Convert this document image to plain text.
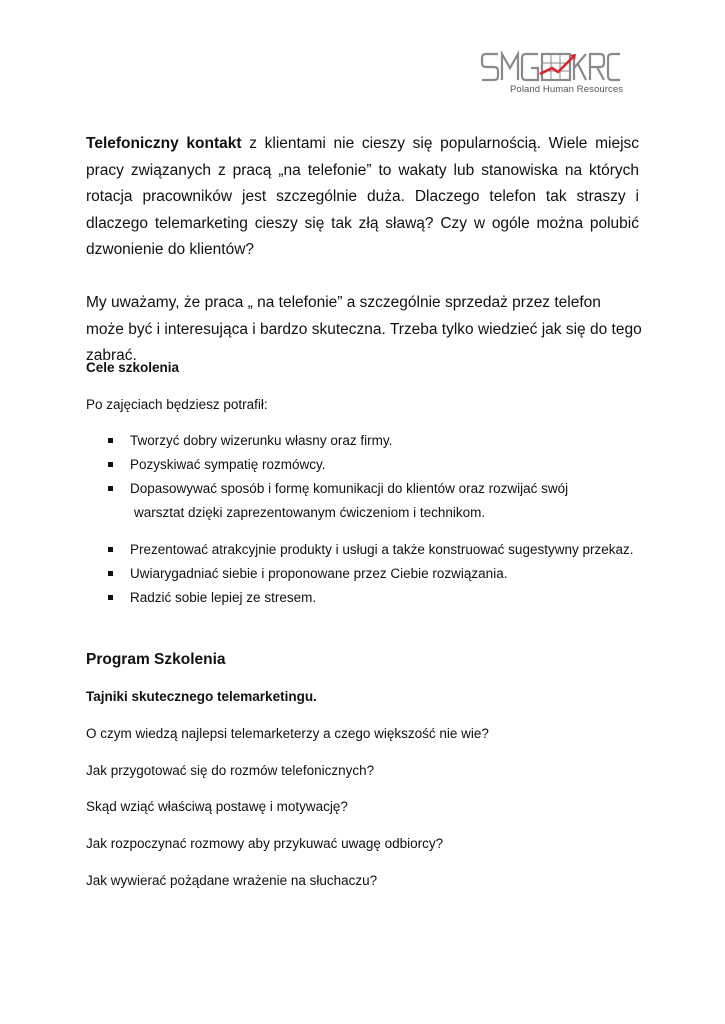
Poland Human Resources

Telefoniczny kontakt z klientami nie cieszy się popularnością. Wiele miejsc pracy związanych z pracą „na telefonie” to wakaty lub stanowiska na których rotacja pracowników jest szczególnie duża. Dlaczego telefon tak straszy i dlaczego telemarketing cieszy się tak złą sławą? Czy w ogóle można polubić dzwonienie do klientów?

My uważamy, że praca „ na telefonie” a szczególnie sprzedaż przez telefon może być i interesująca i bardzo skuteczna. Trzeba tylko wiedzieć jak się do tego zabrać.

Cele szkolenia

Po zajęciach będziesz potrafił:

Tworzyć dobry wizerunku własny oraz firmy.
Pozyskiwać sympatię rozmówcy.
Dopasowywać sposób i formę komunikacji do klientów oraz rozwijać swój
warsztat dzięki zaprezentowanym ćwiczeniom i technikom.
Prezentować atrakcyjnie produkty i usługi a także konstruować sugestywny przekaz.
Uwiarygadniać siebie i proponowane przez Ciebie rozwiązania.
Radzić sobie lepiej ze stresem.

Program Szkolenia

Tajniki skutecznego telemarketingu.

O czym wiedzą najlepsi telemarketerzy a czego większość nie wie?

Jak przygotować się do rozmów telefonicznych?

Skąd wziąć właściwą postawę i motywację?

Jak rozpoczynać rozmowy aby przykuwać uwagę odbiorcy?

Jak wywierać pożądane wrażenie na słuchaczu?
